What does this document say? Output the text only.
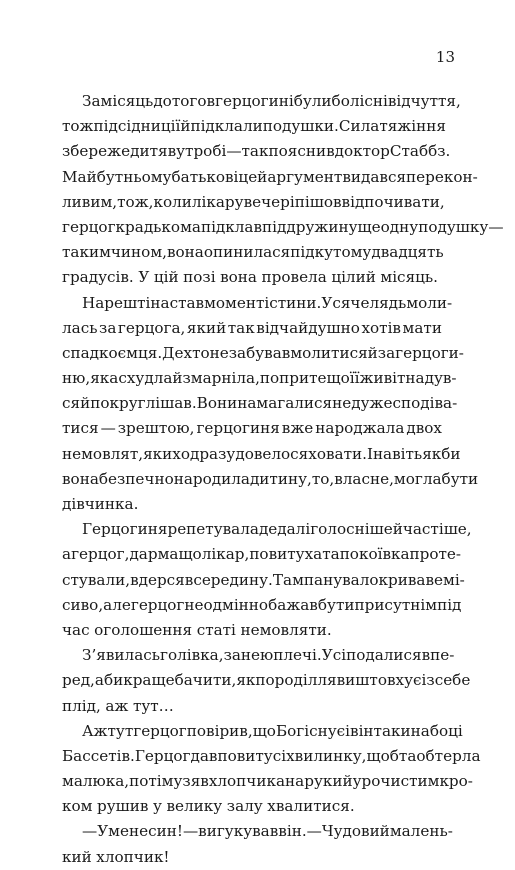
13
За місяць до того в герцогині були болісні відчуття,
тож під сідниці їй підклали подушки. Сила тяжіння
збереже дитя в утробі — так пояснив доктор Стаббз.
Майбутньому батькові цей аргумент видався перекон-
ливим, тож, коли лікар увечері пішов відпочивати,
герцог крадькома підклав під дружину ще одну подушку —
таким чином, вона опинилася під кутом у двадцять
градусів. У цій позі вона провела цілий місяць.
Нарешті настав момент істини. Уся челядь моли-
лась за герцога, який так відчайдушно хотів мати
спадкоємця. Дехто не забував молитися й за герцоги-
ню, яка схудла й змарніла, попри те що її живіт надув-
ся й покруглішав. Вони намагалися не дуже сподіва-
тися — зрештою, герцогиня вже народжала двох
немовлят, яких одразу довелося ховати. І навіть якби
вона безпечно народила дитину, то, власне, могла бути
дівчинка.
Герцогиня репетувала дедалі голосніше й частіше,
а герцог, дарма що лікар, повитуха та покоївка проте-
стували, вдерся всередину. Там панувало криваве мі-
сиво, але герцог неодмінно бажав бути присутнім під
час оголошення статі немовляти.
З’явилась голівка, за нею плечі. Усі подалися впе-
ред, аби краще бачити, як породілля виштовхує із себе
плід, аж тут…
Аж тут герцог повірив, що Бог існує і він таки на боці
Бассетів. Герцог дав повитусі хвилинку, щоб та обтерла
малюка, потім узяв хлопчика на руки й урочистим кро-
ком рушив у велику залу хвалитися.
— У мене син! — вигукував він. — Чудовий малень-
кий хлопчик!
